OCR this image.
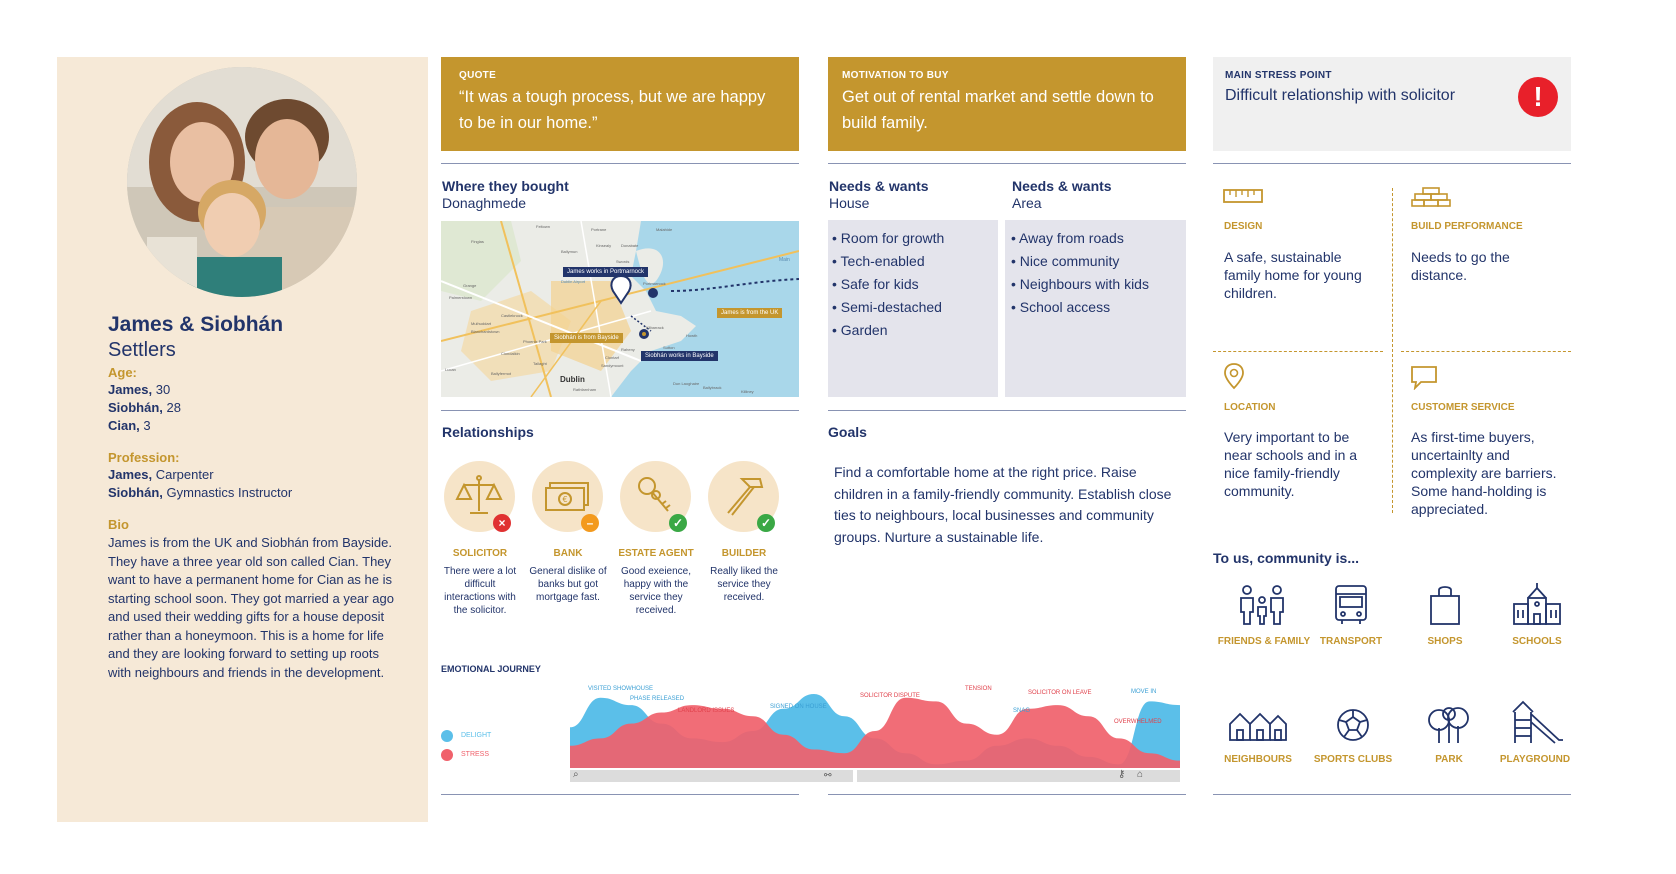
James & Siobhán
Settlers
Age:
James, 30
Siobhán, 28
Cian, 3
Profession:
James, Carpenter
Siobhán, Gymnastics Instructor
Bio
James is from the UK and Siobhán from Bayside. They have a three year old son called Cian. They want to have a permanent home for Cian as he is starting school soon. They got married a year ago and used their wedding gifts for a house deposit rather than a honeymoon. This is a home for life and they are looking forward to setting up roots with neighbours and friends in the development.
QUOTE
“It was a tough process, but we are happy to be in our home.”
Where they bought
Donaghmede
James works in Portmarnock
James is from the UK
Siobhán is from Bayside
Siobhán works in Bayside
Dublin
Main
Feltown
Finglas
Ballymun
Dublin Airport	Portmarnock
Malahide
Blanchardstown
Ballyfermot
Lucan
Rathfarnham
Sandymount
Clontarf
Dun Laoghaire
Ballybrack
Howth
Portrane
Donabate
Sutton
Swords
Raheny
Castleknock
Phoenix Park
Tallaght
Kilbarrack
Killiney
Mulhuddart
Kinsealy
Grange
Clondalkin
Palmerstown
Relationships
×
SOLICITOR
There were a lot difficult interactions with the solicitor.
€
–
BANK
General dislike of banks but got mortgage fast.
✓
ESTATE AGENT
Good exeience, happy with the service they received.
✓
BUILDER
Really liked the service they received.
EMOTIONAL JOURNEY
DELIGHT
STRESS
VISITED SHOWHOUSE
PHASE RELEASED
LANDLORD ISSUES
SIGNED ON HOUSE
SOLICITOR DISPUTE
TENSION
SNAG
SOLICITOR ON LEAVE	MOVE IN
OVERWHELMED
⌕	⚯	⚷ ⌂
MOTIVATION TO BUY
Get out of rental market and settle down to build family.
Needs & wants
House
Needs & wants
Area
• Room for growth
• Tech-enabled
• Safe for kids
• Semi-destached
• Garden
• Away from roads
• Nice community
• Neighbours with kids
• School access
Goals
Find a comfortable home at the right price. Raise children in a family-friendly community. Establish close ties to neighbours, local businesses and community groups. Nurture a sustainable life.
MAIN STRESS POINT
Difficult relationship with solicitor	!
DESIGN
A safe, sustainable family home for young children.
BUILD PERFORMANCE
Needs to go the distance.
LOCATION
Very important to be near schools and in a nice family-friendly community.
CUSTOMER SERVICE
As first-time buyers, uncertainlty and complexity are barriers. Some hand-holding is appreciated.
To us, community is...
FRIENDS & FAMILY TRANSPORT	SHOPS	SCHOOLS
NEIGHBOURS	SPORTS CLUBS	PARK	PLAYGROUND
